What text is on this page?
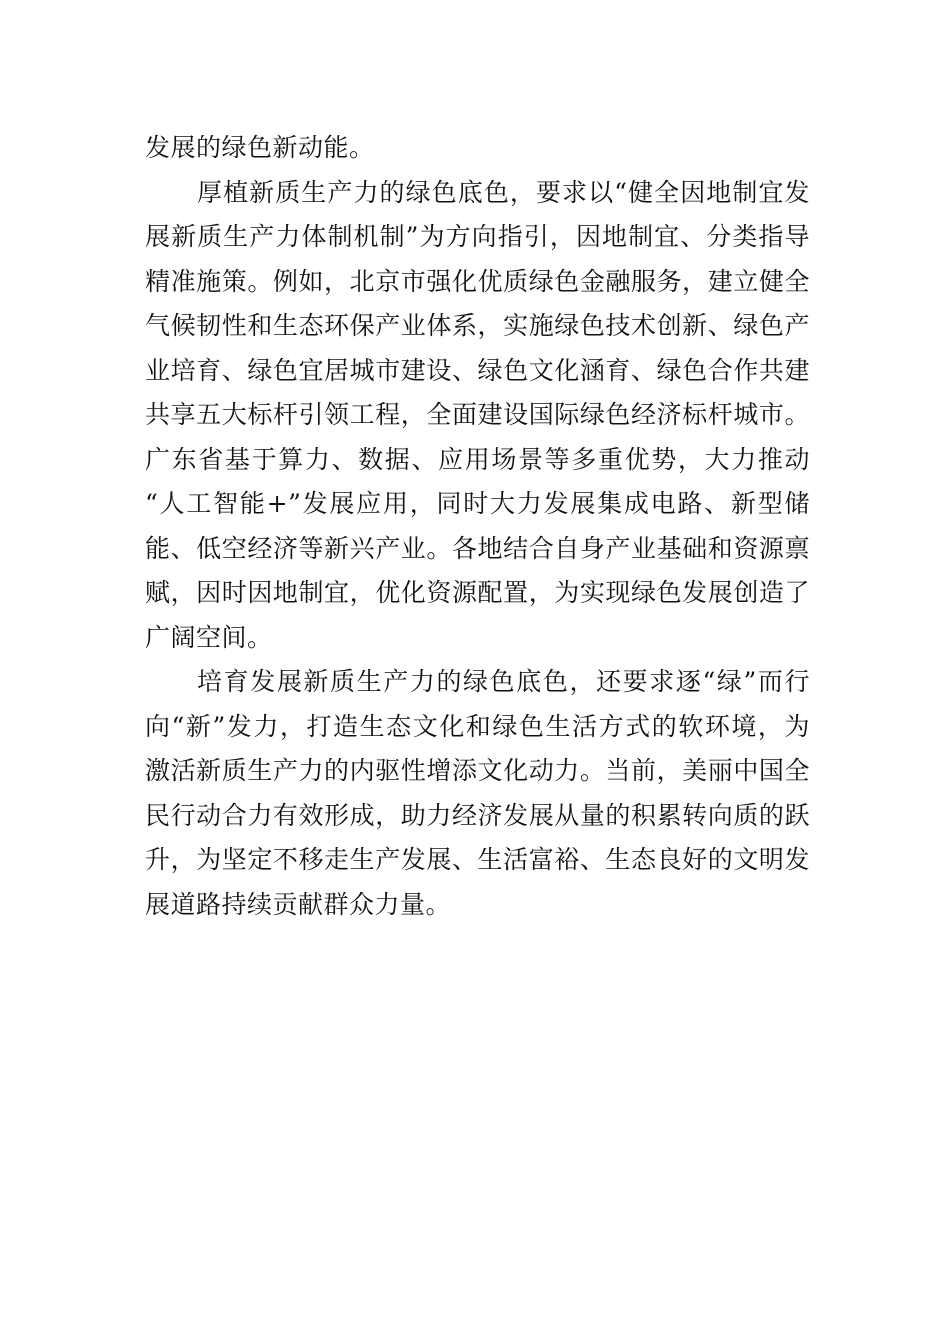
发展的绿色新动能。
厚植新质生产力的绿色底色，要求以“健全因地制宜发
展新质生产力体制机制”为方向指引，因地制宜、分类指导
精准施策。例如，北京市强化优质绿色金融服务，建立健全
气候韧性和生态环保产业体系，实施绿色技术创新、绿色产
业培育、绿色宜居城市建设、绿色文化涵育、绿色合作共建
共享五大标杆引领工程，全面建设国际绿色经济标杆城市。
广东省基于算力、数据、应用场景等多重优势，大力推动
“人工智能+”发展应用，同时大力发展集成电路、新型储
能、低空经济等新兴产业。各地结合自身产业基础和资源禀
赋，因时因地制宜，优化资源配置，为实现绿色发展创造了
广阔空间。
培育发展新质生产力的绿色底色，还要求逐“绿”而行
向“新”发力，打造生态文化和绿色生活方式的软环境，为
激活新质生产力的内驱性增添文化动力。当前，美丽中国全
民行动合力有效形成，助力经济发展从量的积累转向质的跃
升，为坚定不移走生产发展、生活富裕、生态良好的文明发
展道路持续贡献群众力量。
